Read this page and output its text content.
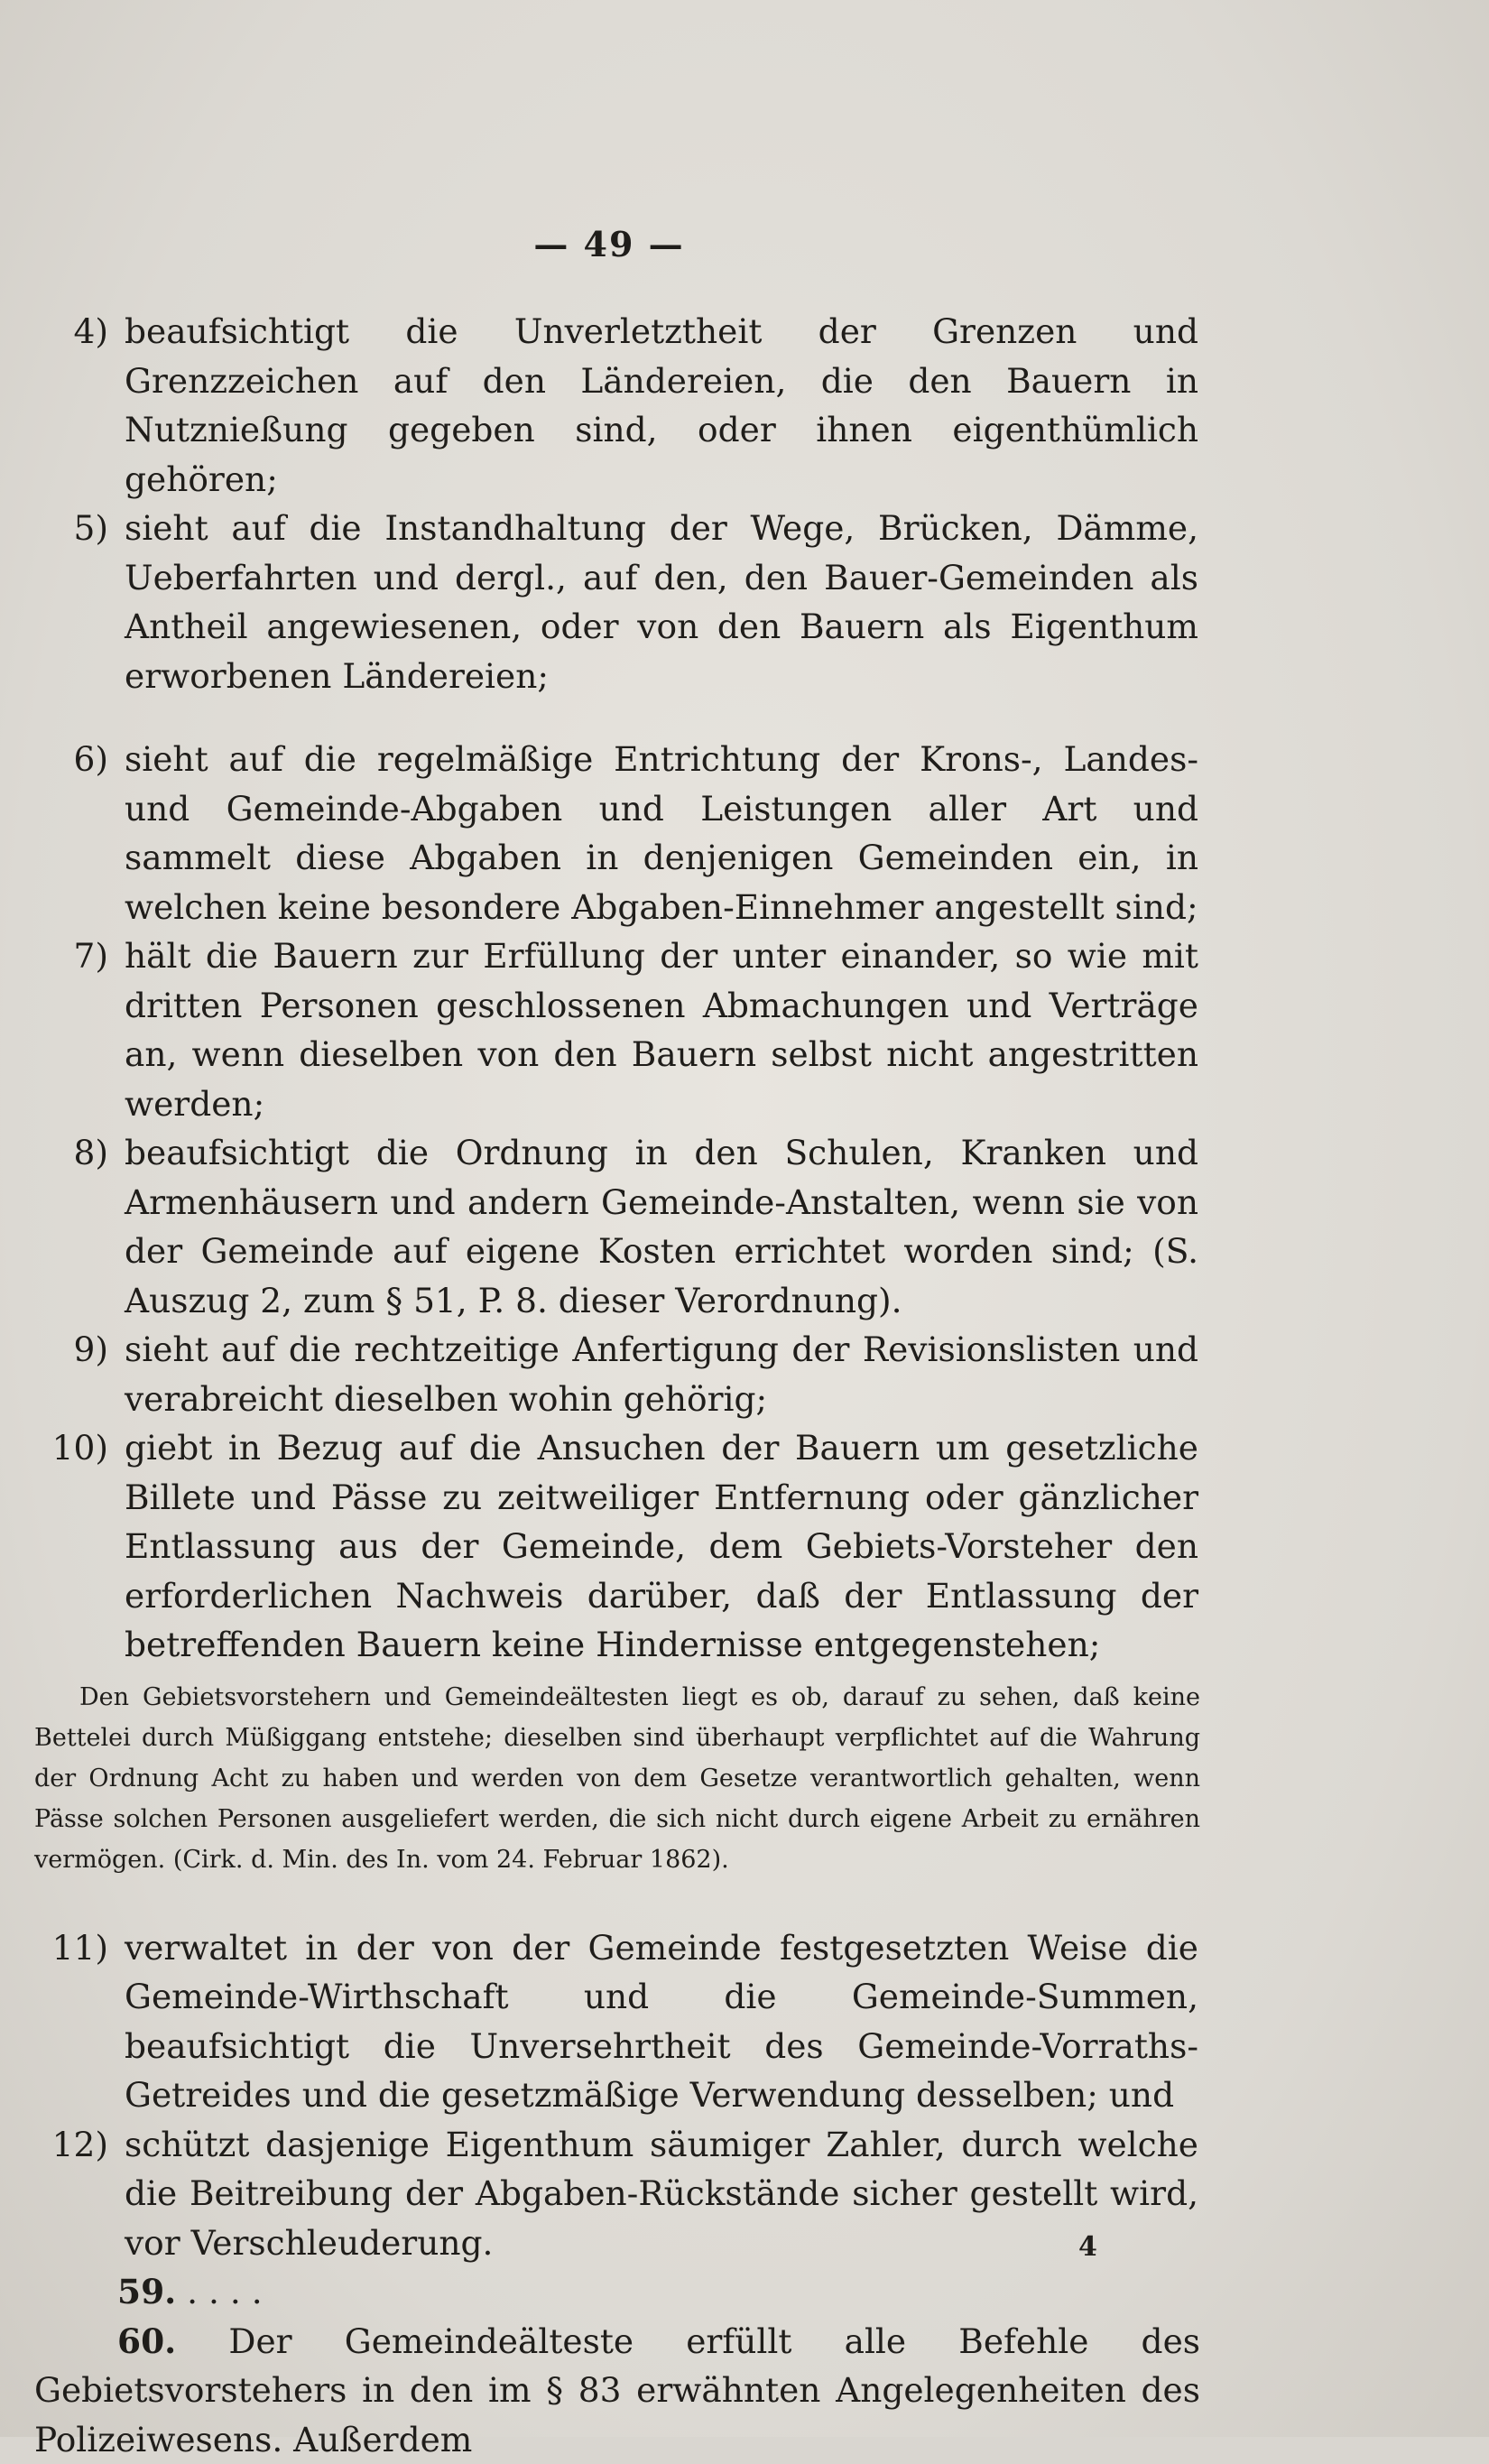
— 49 —
4) beaufsichtigt die Unverletztheit der Grenzen und Grenzzeichen auf den Ländereien, die den Bauern in Nutznießung gegeben sind, oder ihnen eigenthümlich gehören;
5) sieht auf die Instandhaltung der Wege, Brücken, Dämme, Ueberfahrten und dergl., auf den, den Bauer-Gemeinden als Antheil angewiesenen, oder von den Bauern als Eigenthum erworbenen Ländereien;
6) sieht auf die regelmäßige Entrichtung der Krons-, Landes- und Gemeinde-Abgaben und Leistungen aller Art und sammelt diese Abgaben in denjenigen Gemeinden ein, in welchen keine besondere Abgaben-Einnehmer angestellt sind;
7) hält die Bauern zur Erfüllung der unter einander, so wie mit dritten Personen geschlossenen Abmachungen und Verträge an, wenn dieselben von den Bauern selbst nicht angestritten werden;
8) beaufsichtigt die Ordnung in den Schulen, Kranken und Armenhäusern und andern Gemeinde-Anstalten, wenn sie von der Gemeinde auf eigene Kosten errichtet worden sind; (S. Auszug 2, zum § 51, P. 8. dieser Verordnung).
9) sieht auf die rechtzeitige Anfertigung der Revisionslisten und verabreicht dieselben wohin gehörig;
10) giebt in Bezug auf die Ansuchen der Bauern um gesetzliche Billete und Pässe zu zeitweiliger Entfernung oder gänzlicher Entlassung aus der Gemeinde, dem Gebiets-Vorsteher den erforderlichen Nachweis darüber, daß der Entlassung der betreffenden Bauern keine Hindernisse entgegenstehen;
Den Gebietsvorstehern und Gemeindeältesten liegt es ob, darauf zu sehen, daß keine Bettelei durch Müßiggang entstehe; dieselben sind überhaupt verpflichtet auf die Wahrung der Ordnung Acht zu haben und werden von dem Gesetze verantwortlich gehalten, wenn Pässe solchen Personen ausgeliefert werden, die sich nicht durch eigene Arbeit zu ernähren vermögen. (Cirk. d. Min. des In. vom 24. Februar 1862).
11) verwaltet in der von der Gemeinde festgesetzten Weise die Gemeinde-Wirthschaft und die Gemeinde-Summen, beaufsichtigt die Unversehrtheit des Gemeinde-Vorraths-Getreides und die gesetzmäßige Verwendung desselben; und
12) schützt dasjenige Eigenthum säumiger Zahler, durch welche die Beitreibung der Abgaben-Rückstände sicher gestellt wird, vor Verschleuderung.
59. . . . .
60. Der Gemeindeälteste erfüllt alle Befehle des Gebietsvorstehers in den im § 83 erwähnten Angelegenheiten des Polizeiwesens. Außerdem
4
